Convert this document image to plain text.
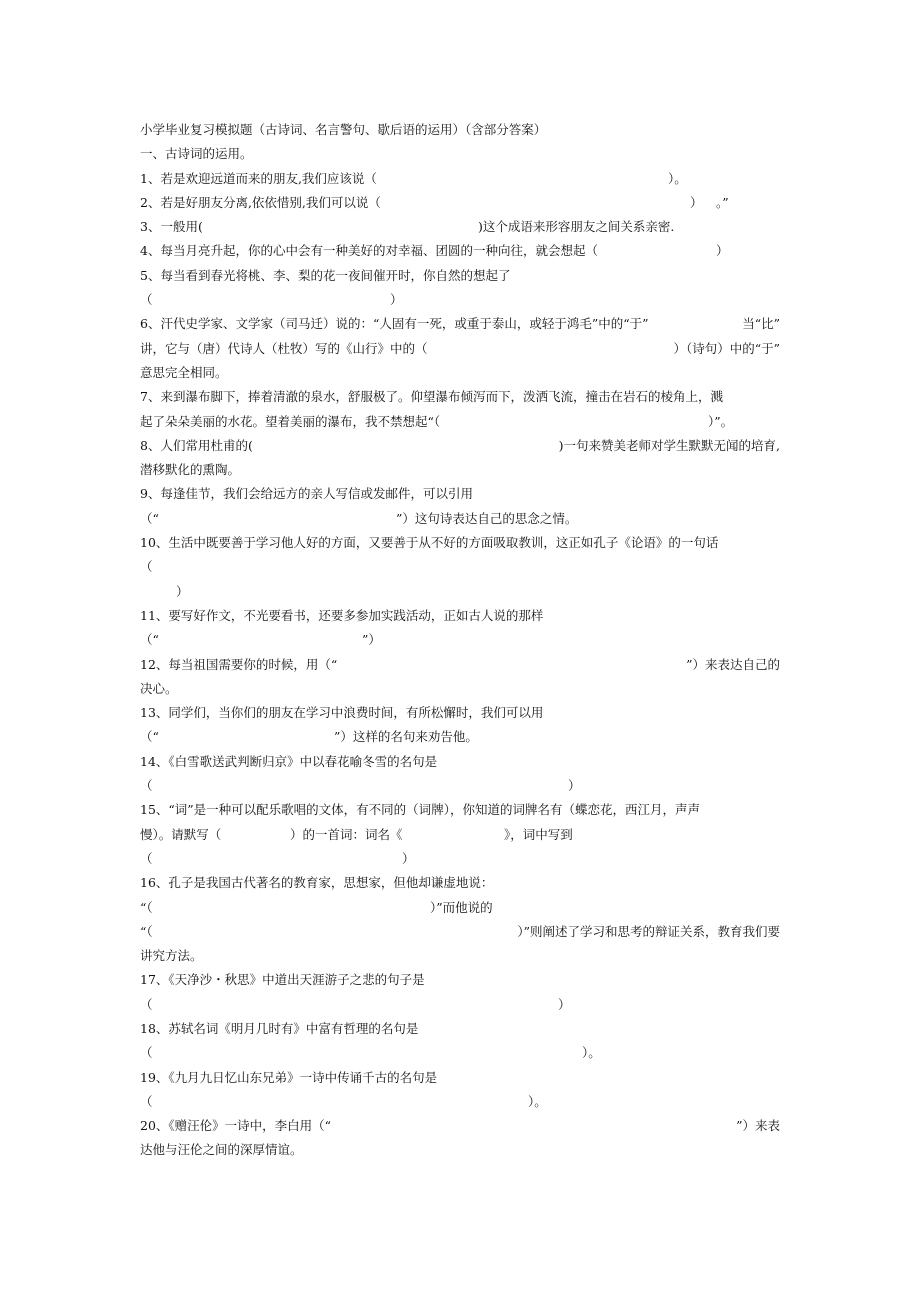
小学毕业复习模拟题（古诗词、名言警句、歇后语的运用）（含部分答案）
一、古诗词的运用。
1、若是欢迎远道而来的朋友,我们应该说（	）。
2、若是好朋友分离,依依惜别,我们可以说（	） 。”
3、一般用(	)这个成语来形容朋友之间关系亲密.
4、每当月亮升起，你的心中会有一种美好的对幸福、团圆的一种向往，就会想起（	）
5、每当看到春光将桃、李、梨的花一夜间催开时，你自然的想起了
（	）
6、汗代史学家、文学家（司马迁）说的：“人固有一死，或重于泰山，或轻于鸿毛”中的“于”	当“比”
讲，它与（唐）代诗人（杜牧）写的《山行》中的（	）（诗句）中的“于”
意思完全相同。
7、来到瀑布脚下，捧着清澈的泉水，舒服极了。仰望瀑布倾泻而下，泼洒飞流，撞击在岩石的棱角上，溅
起了朵朵美丽的水花。望着美丽的瀑布，我不禁想起“（	）”。
8、人们常用杜甫的(	)一句来赞美老师对学生默默无闻的培育,
潜移默化的熏陶。
9、每逢佳节，我们会给远方的亲人写信或发邮件，可以引用
（“	”）这句诗表达自己的思念之情。
10、生活中既要善于学习他人好的方面，又要善于从不好的方面吸取教训，这正如孔子《论语》的一句话
（
）
11、要写好作文，不光要看书，还要多参加实践活动，正如古人说的那样
（“	”）
12、每当祖国需要你的时候，用（“	”）来表达自己的
决心。
13、同学们，当你们的朋友在学习中浪费时间，有所松懈时，我们可以用
（“	”）这样的名句来劝告他。
14、《白雪歌送武判断归京》中以春花喻冬雪的名句是
（	）
15、“词”是一种可以配乐歌唱的文体，有不同的（词牌），你知道的词牌名有（蝶恋花，西江月，声声
慢）。请默写（	）的一首词：词名《	》，词中写到
（	）
16、孔子是我国古代著名的教育家，思想家，但他却谦虚地说：
“（	）”而他说的
“（	）”则阐述了学习和思考的辩证关系，教育我们要
讲究方法。
17、《天净沙・秋思》中道出天涯游子之悲的句子是
（	）
18、苏轼名词《明月几时有》中富有哲理的名句是
（	）。
19、《九月九日忆山东兄弟》一诗中传诵千古的名句是
（	）。
20、《赠汪伦》一诗中，李白用（“	”）来表
达他与汪伦之间的深厚情谊。
